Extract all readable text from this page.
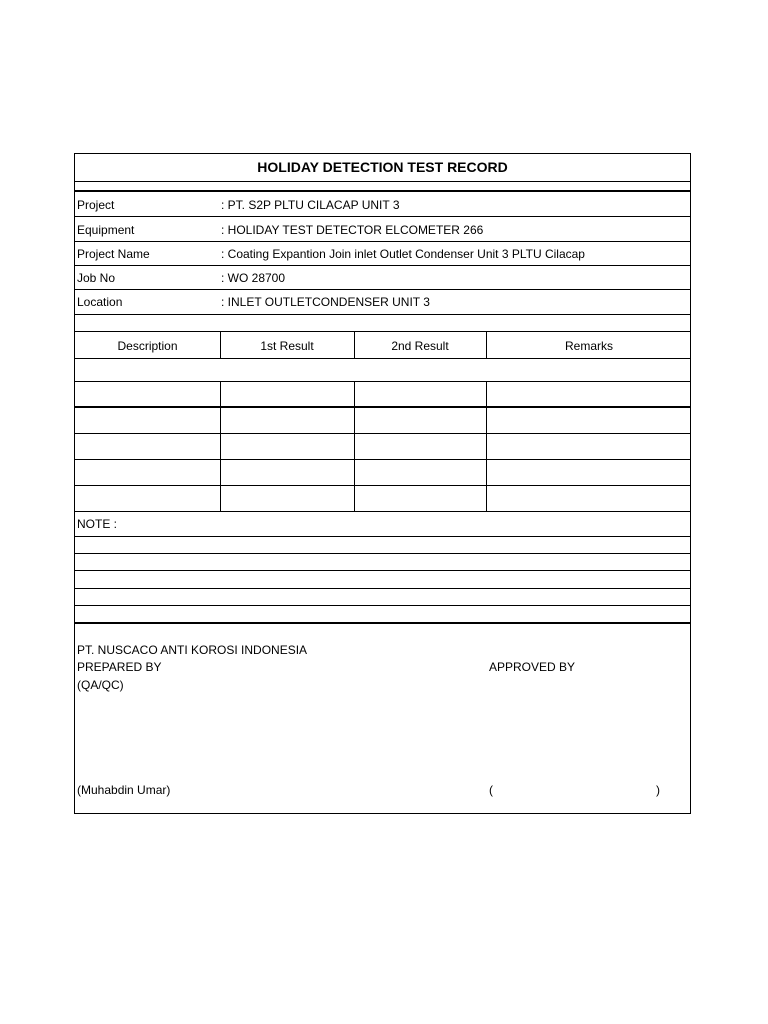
HOLIDAY DETECTION TEST RECORD
Project	: PT. S2P PLTU CILACAP UNIT 3
Equipment	: HOLIDAY TEST DETECTOR ELCOMETER 266
Project Name	: Coating Expantion Join inlet Outlet Condenser Unit 3 PLTU Cilacap
Job No	: WO 28700
Location	: INLET OUTLETCONDENSER UNIT 3
Description	1st Result	2nd Result	Remarks
NOTE :
PT. NUSCACO ANTI KOROSI INDONESIA
PREPARED BY	APPROVED BY
(QA/QC)
(Muhabdin Umar)	(	)
